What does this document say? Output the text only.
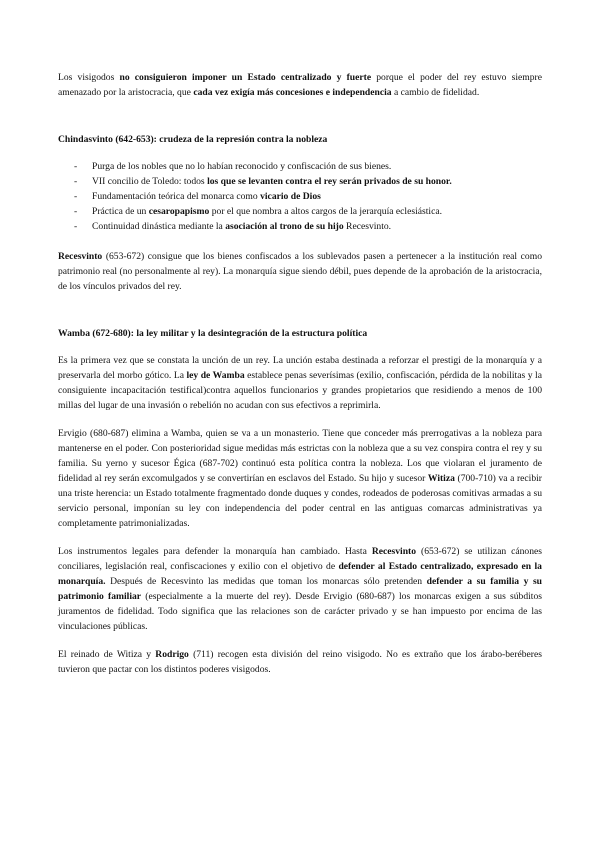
Los visigodos no consiguieron imponer un Estado centralizado y fuerte porque el poder del rey estuvo siempre amenazado por la aristocracia, que cada vez exigía más concesiones e independencia a cambio de fidelidad.

Chindasvinto (642-653): crudeza de la represión contra la nobleza
- Purga de los nobles que no lo habían reconocido y confiscación de sus bienes.
- VII concilio de Toledo: todos los que se levanten contra el rey serán privados de su honor.
- Fundamentación teórica del monarca como vicario de Dios
- Práctica de un cesaropapismo por el que nombra a altos cargos de la jerarquía eclesiástica.
- Continuidad dinástica mediante la asociación al trono de su hijo Recesvinto.

Recesvinto (653-672) consigue que los bienes confiscados a los sublevados pasen a pertenecer a la institución real como patrimonio real (no personalmente al rey). La monarquía sigue siendo débil, pues depende de la aprobación de la aristocracia, de los vínculos privados del rey.

Wamba (672-680): la ley militar y la desintegración de la estructura política

Es la primera vez que se constata la unción de un rey. La unción estaba destinada a reforzar el prestigi de la monarquía y a preservarla del morbo gótico. La ley de Wamba establece penas severísimas (exilio, confiscación, pérdida de la nobilitas y la consiguiente incapacitación testifical)contra aquellos funcionarios y grandes propietarios que residiendo a menos de 100 millas del lugar de una invasión o rebelión no acudan con sus efectivos a reprimirla.

Ervigio (680-687) elimina a Wamba, quien se va a un monasterio. Tiene que conceder más prerrogativas a la nobleza para mantenerse en el poder. Con posterioridad sigue medidas más estrictas con la nobleza que a su vez conspira contra el rey y su familia. Su yerno y sucesor Égica (687-702) continuó esta política contra la nobleza. Los que violaran el juramento de fidelidad al rey serán excomulgados y se convertirían en esclavos del Estado. Su hijo y sucesor Witiza (700-710) va a recibir una triste herencia: un Estado totalmente fragmentado donde duques y condes, rodeados de poderosas comitivas armadas a su servicio personal, imponían su ley con independencia del poder central en las antiguas comarcas administrativas ya completamente patrimonializadas.

Los instrumentos legales para defender la monarquía han cambiado. Hasta Recesvinto (653-672) se utilizan cánones conciliares, legislación real, confiscaciones y exilio con el objetivo de defender al Estado centralizado, expresado en la monarquía. Después de Recesvinto las medidas que toman los monarcas sólo pretenden defender a su familia y su patrimonio familiar (especialmente a la muerte del rey). Desde Ervigio (680-687) los monarcas exigen a sus súbditos juramentos de fidelidad. Todo significa que las relaciones son de carácter privado y se han impuesto por encima de las vinculaciones públicas.

El reinado de Witiza y Rodrigo (711) recogen esta división del reino visigodo. No es extraño que los árabo-beréberes tuvieron que pactar con los distintos poderes visigodos.
